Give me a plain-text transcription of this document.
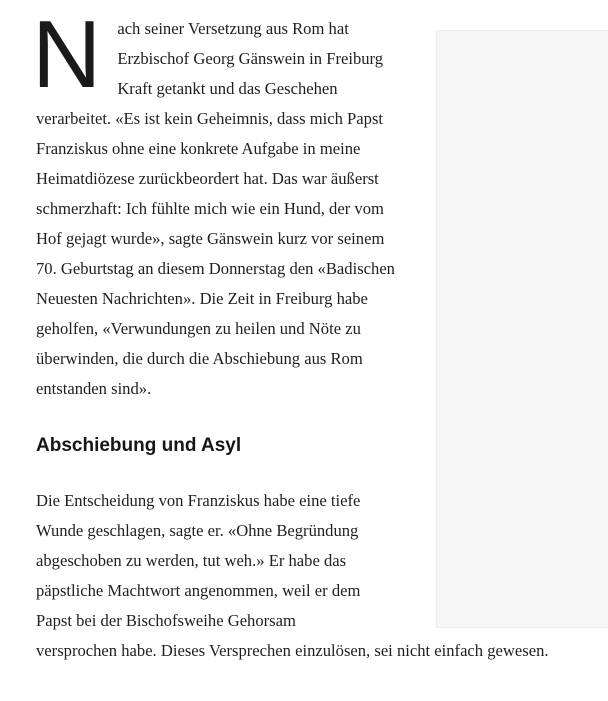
N ach seiner Versetzung aus Rom hat Erzbischof Georg Gänswein in Freiburg Kraft getankt und das Geschehen verarbeitet. «Es ist kein Geheimnis, dass mich Papst Franziskus ohne eine konkrete Aufgabe in meine Heimatdiözese zurückbeordert hat. Das war äußerst schmerzhaft: Ich fühlte mich wie ein Hund, der vom Hof gejagt wurde», sagte Gänswein kurz vor seinem 70. Geburtstag an diesem Donnerstag den «Badischen Neuesten Nachrichten». Die Zeit in Freiburg habe geholfen, «Verwundungen zu heilen und Nöte zu überwinden, die durch die Abschiebung aus Rom entstanden sind».

Abschiebung und Asyl

Die Entscheidung von Franziskus habe eine tiefe
Wunde geschlagen, sagte er. «Ohne Begründung
abgeschoben zu werden, tut weh.» Er habe das
päpstliche Machtwort angenommen, weil er dem
Papst bei der Bischofsweihe Gehorsam
versprochen habe. Dieses Versprechen einzulösen, sei nicht einfach gewesen.
